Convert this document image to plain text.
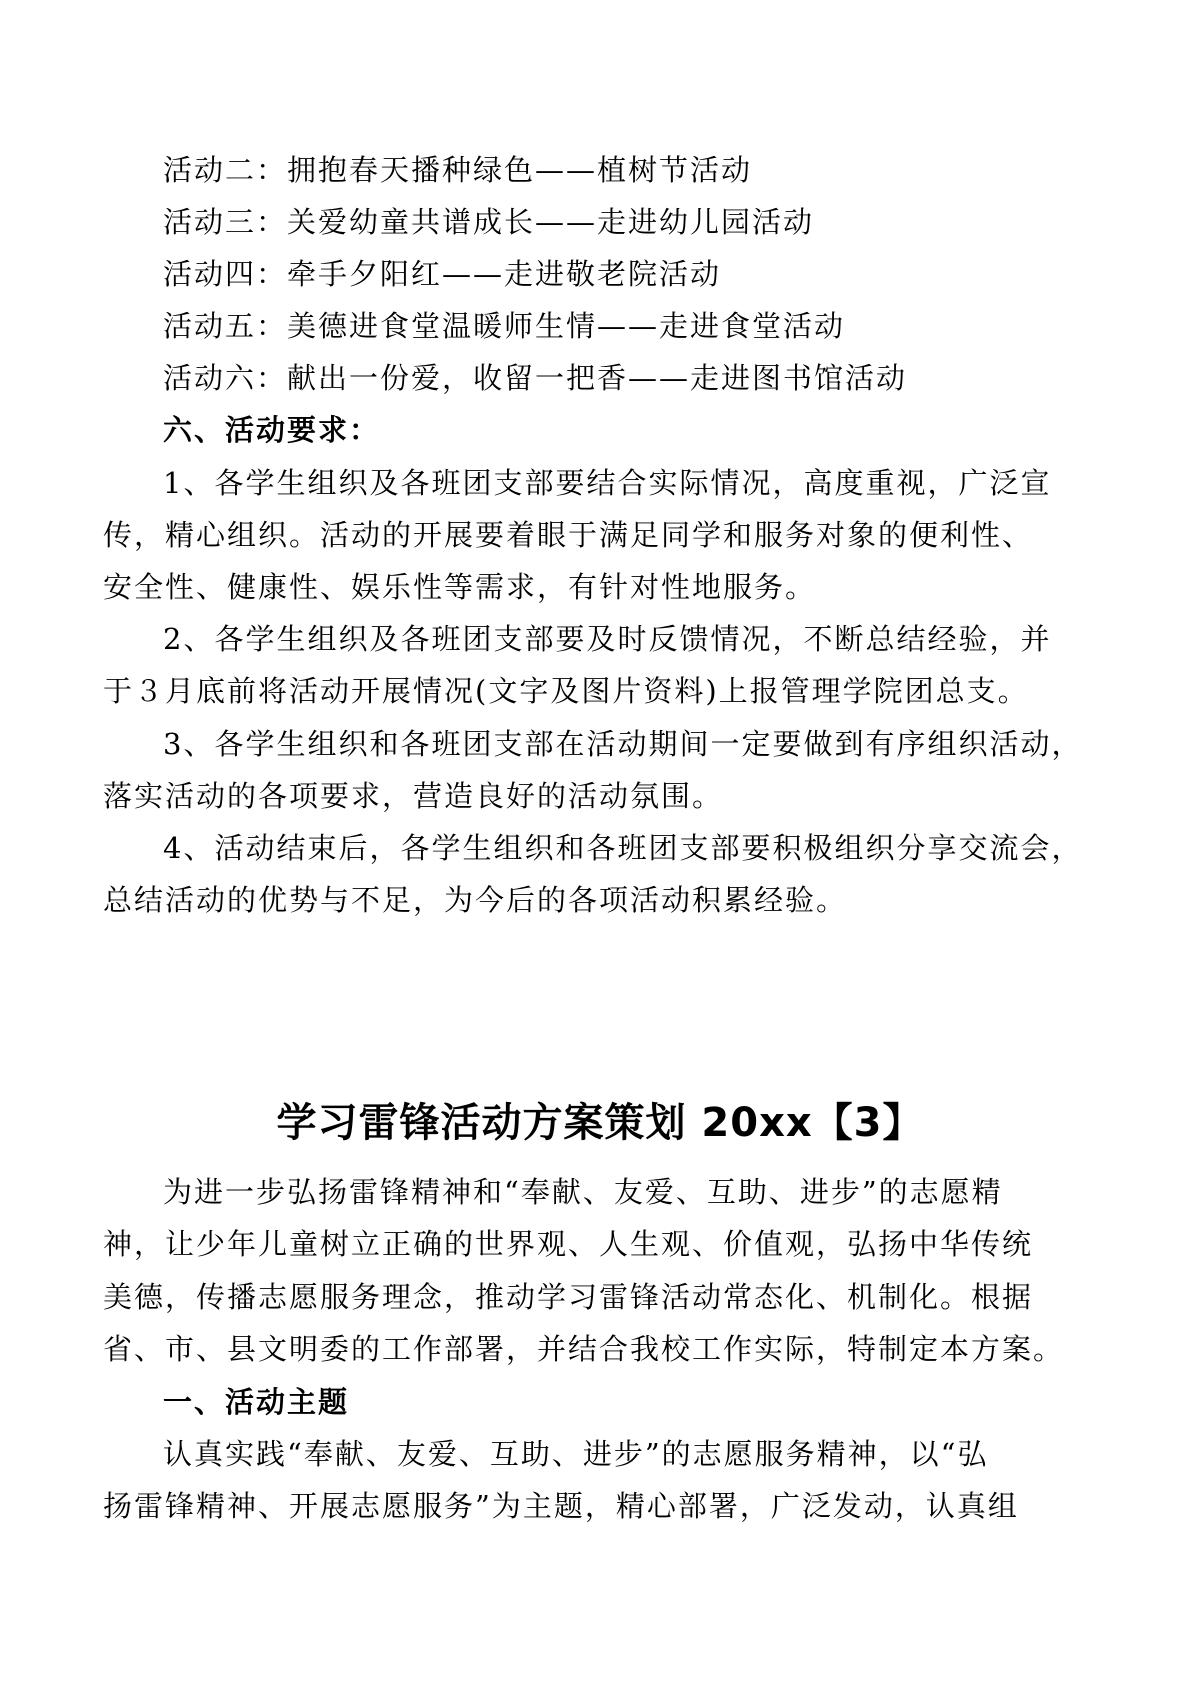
活动二：拥抱春天播种绿色——植树节活动
活动三：关爱幼童共谱成长——走进幼儿园活动
活动四：牵手夕阳红——走进敬老院活动
活动五：美德进食堂温暖师生情——走进食堂活动
活动六：献出一份爱，收留一把香——走进图书馆活动
六、活动要求：
1、各学生组织及各班团支部要结合实际情况，高度重视，广泛宣
传，精心组织。活动的开展要着眼于满足同学和服务对象的便利性、
安全性、健康性、娱乐性等需求，有针对性地服务。
2、各学生组织及各班团支部要及时反馈情况，不断总结经验，并
于３月底前将活动开展情况(文字及图片资料)上报管理学院团总支。
3、各学生组织和各班团支部在活动期间一定要做到有序组织活动，
落实活动的各项要求，营造良好的活动氛围。
4、活动结束后，各学生组织和各班团支部要积极组织分享交流会，
总结活动的优势与不足，为今后的各项活动积累经验。
学习雷锋活动方案策划 20xx【3】
为进一步弘扬雷锋精神和“奉献、友爱、互助、进步”的志愿精
神，让少年儿童树立正确的世界观、人生观、价值观，弘扬中华传统
美德，传播志愿服务理念，推动学习雷锋活动常态化、机制化。根据
省、市、县文明委的工作部署，并结合我校工作实际，特制定本方案。
一、活动主题
认真实践“奉献、友爱、互助、进步”的志愿服务精神，以“弘
扬雷锋精神、开展志愿服务”为主题，精心部署，广泛发动，认真组
